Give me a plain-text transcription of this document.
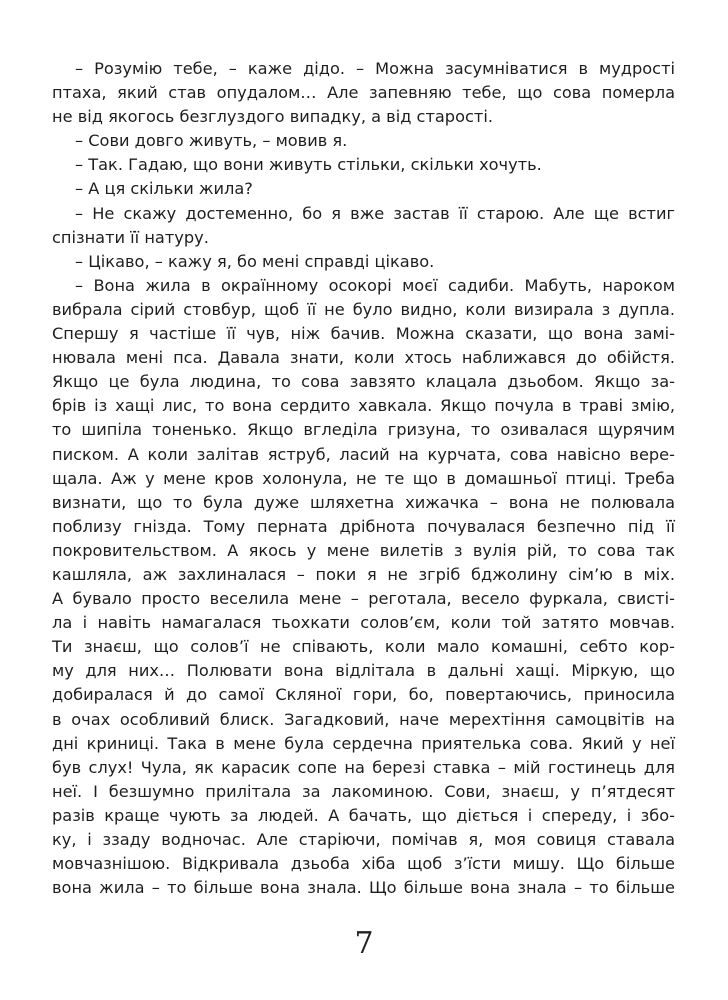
– Розумію тебе, – каже дідо. – Можна засумніватися в мудрості
птаха, який став опудалом… Але запевняю тебе, що сова померла
не від якогось безглуздого випадку, а від старості.
– Сови довго живуть, – мовив я.
– Так. Гадаю, що вони живуть стільки, скільки хочуть.
– А ця скільки жила?
– Не скажу достеменно, бо я вже застав її старою. Але ще встиг
спізнати її натуру.
– Цікаво, – кажу я, бо мені справді цікаво.
– Вона жила в окраїнному осокорі моєї садиби. Мабуть, нароком
вибрала сірий стовбур, щоб її не було видно, коли визирала з дупла.
Спершу я частіше її чув, ніж бачив. Можна сказати, що вона замі-
нювала мені пса. Давала знати, коли хтось наближався до обійстя.
Якщо це була людина, то сова завзято клацала дзьобом. Якщо за-
брів із хащі лис, то вона сердито хавкала. Якщо почула в траві змію,
то шипіла тоненько. Якщо вгледіла гризуна, то озивалася щурячим
писком. А коли залітав яструб, ласий на курчата, сова навісно вере-
щала. Аж у мене кров холонула, не те що в домашньої птиці. Треба
визнати, що то була дуже шляхетна хижачка – вона не полювала
поблизу гнізда. Тому перната дрібнота почувалася безпечно під її
покровительством. А якось у мене вилетів з вулія рій, то сова так
кашляла, аж захлиналася – поки я не згріб бджолину сім’ю в міх.
А бувало просто веселила мене – реготала, весело фуркала, свисті-
ла і навіть намагалася тьохкати солов’єм, коли той затято мовчав.
Ти знаєш, що солов’ї не співають, коли мало комашні, себто кор-
му для них… Полювати вона відлітала в дальні хащі. Міркую, що
добиралася й до самої Скляної гори, бо, повертаючись, приносила
в очах особливий блиск. Загадковий, наче мерехтіння самоцвітів на
дні криниці. Така в мене була сердечна приятелька сова. Який у неї
був слух! Чула, як карасик сопе на березі ставка – мій гостинець для
неї. І безшумно прилітала за лакоминою. Сови, знаєш, у п’ятдесят
разів краще чують за людей. А бачать, що діється і спереду, і збо-
ку, і ззаду водночас. Але старіючи, помічав я, моя совиця ставала
мовчазнішою. Відкривала дзьоба хіба щоб з’їсти мишу. Що більше
вона жила – то більше вона знала. Що більше вона знала – то більше
7
